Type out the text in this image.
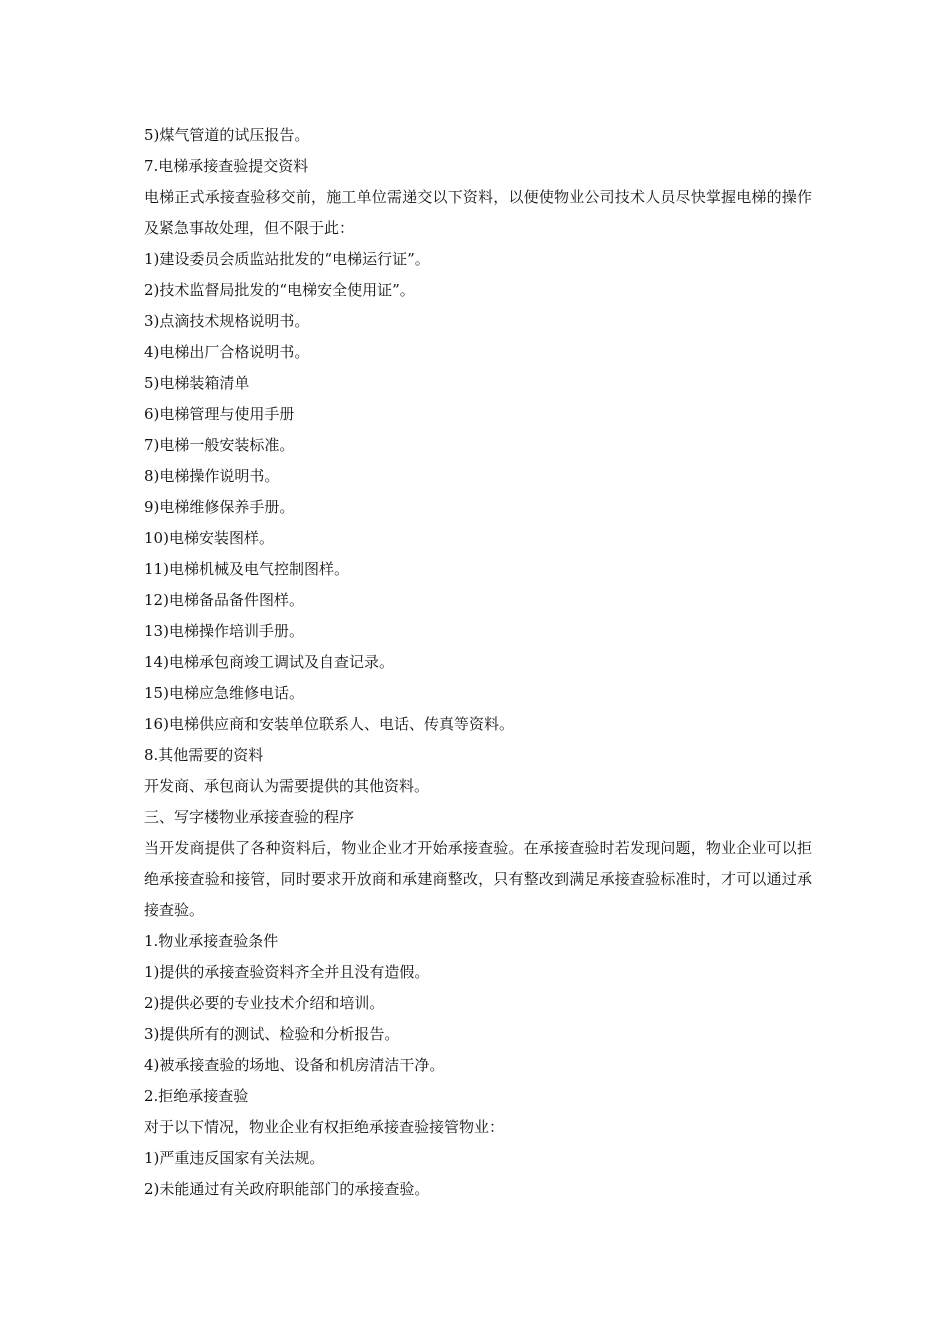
5)煤气管道的试压报告。
7.电梯承接查验提交资料
电梯正式承接查验移交前，施工单位需递交以下资料，以便使物业公司技术人员尽快掌握电梯的操作及紧急事故处理，但不限于此：
1)建设委员会质监站批发的“电梯运行证”。
2)技术监督局批发的“电梯安全使用证”。
3)点滴技术规格说明书。
4)电梯出厂合格说明书。
5)电梯装箱清单
6)电梯管理与使用手册
7)电梯一般安装标准。
8)电梯操作说明书。
9)电梯维修保养手册。
10)电梯安装图样。
11)电梯机械及电气控制图样。
12)电梯备品备件图样。
13)电梯操作培训手册。
14)电梯承包商竣工调试及自查记录。
15)电梯应急维修电话。
16)电梯供应商和安装单位联系人、电话、传真等资料。
8.其他需要的资料
开发商、承包商认为需要提供的其他资料。
三、写字楼物业承接查验的程序
当开发商提供了各种资料后，物业企业才开始承接查验。在承接查验时若发现问题，物业企业可以拒绝承接查验和接管，同时要求开放商和承建商整改，只有整改到满足承接查验标准时，才可以通过承接查验。
1.物业承接查验条件
1)提供的承接查验资料齐全并且没有造假。
2)提供必要的专业技术介绍和培训。
3)提供所有的测试、检验和分析报告。
4)被承接查验的场地、设备和机房清洁干净。
2.拒绝承接查验
对于以下情况，物业企业有权拒绝承接查验接管物业：
1)严重违反国家有关法规。
2)未能通过有关政府职能部门的承接查验。
